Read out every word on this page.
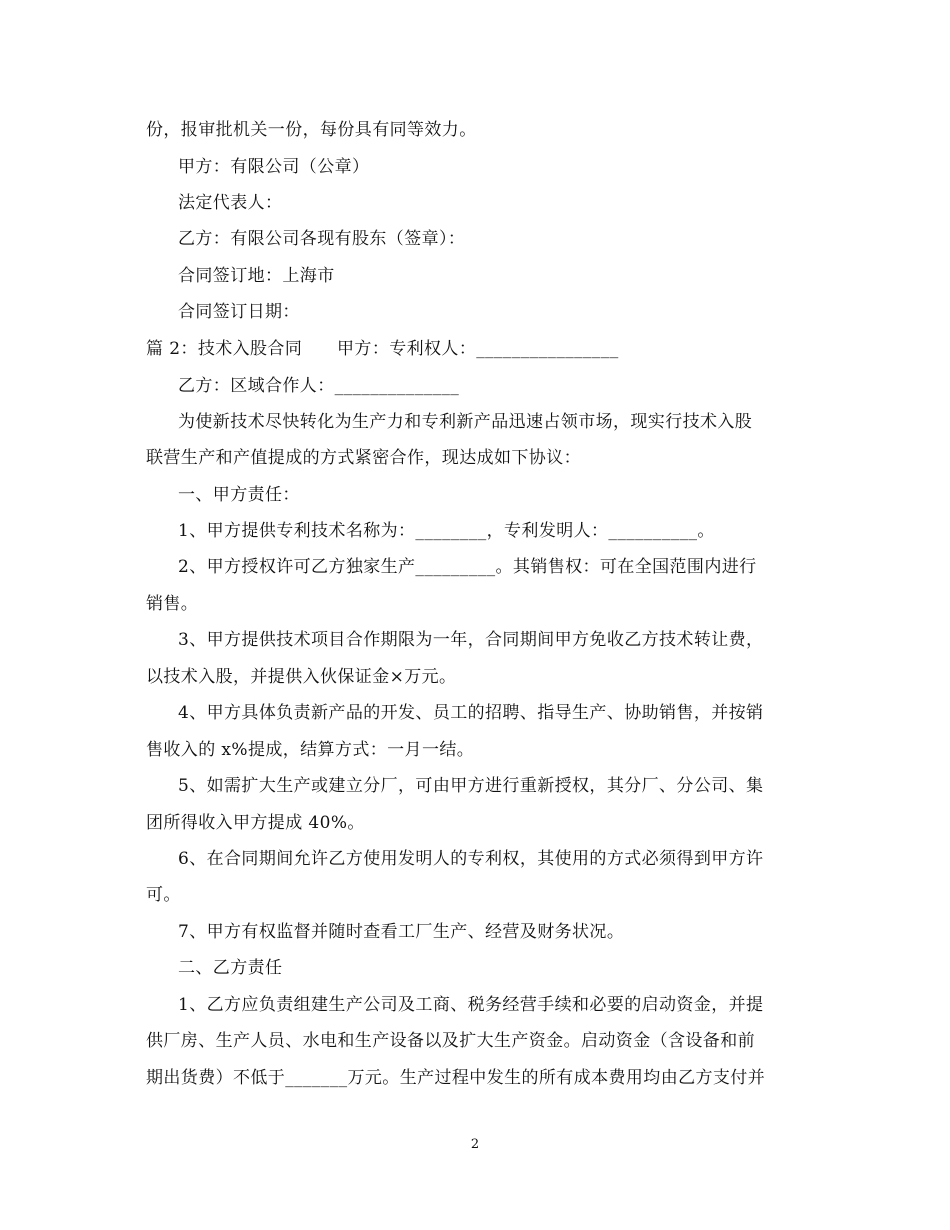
份，报审批机关一份，每份具有同等效力。
甲方：有限公司（公章）
法定代表人：
乙方：有限公司各现有股东（签章）：
合同签订地：上海市
合同签订日期：
篇 2：技术入股合同　　甲方：专利权人：________________
乙方：区域合作人：______________
为使新技术尽快转化为生产力和专利新产品迅速占领市场，现实行技术入股
联营生产和产值提成的方式紧密合作，现达成如下协议：
一、甲方责任：
1、甲方提供专利技术名称为：________，专利发明人：__________。
2、甲方授权许可乙方独家生产_________。其销售权：可在全国范围内进行
销售。
3、甲方提供技术项目合作期限为一年，合同期间甲方免收乙方技术转让费，
以技术入股，并提供入伙保证金×万元。
4、甲方具体负责新产品的开发、员工的招聘、指导生产、协助销售，并按销
售收入的 x%提成，结算方式：一月一结。
5、如需扩大生产或建立分厂，可由甲方进行重新授权，其分厂、分公司、集
团所得收入甲方提成 40%。
6、在合同期间允许乙方使用发明人的专利权，其使用的方式必须得到甲方许
可。
7、甲方有权监督并随时查看工厂生产、经营及财务状况。
二、乙方责任
1、乙方应负责组建生产公司及工商、税务经营手续和必要的启动资金，并提
供厂房、生产人员、水电和生产设备以及扩大生产资金。启动资金（含设备和前
期出货费）不低于_______万元。生产过程中发生的所有成本费用均由乙方支付并
2
